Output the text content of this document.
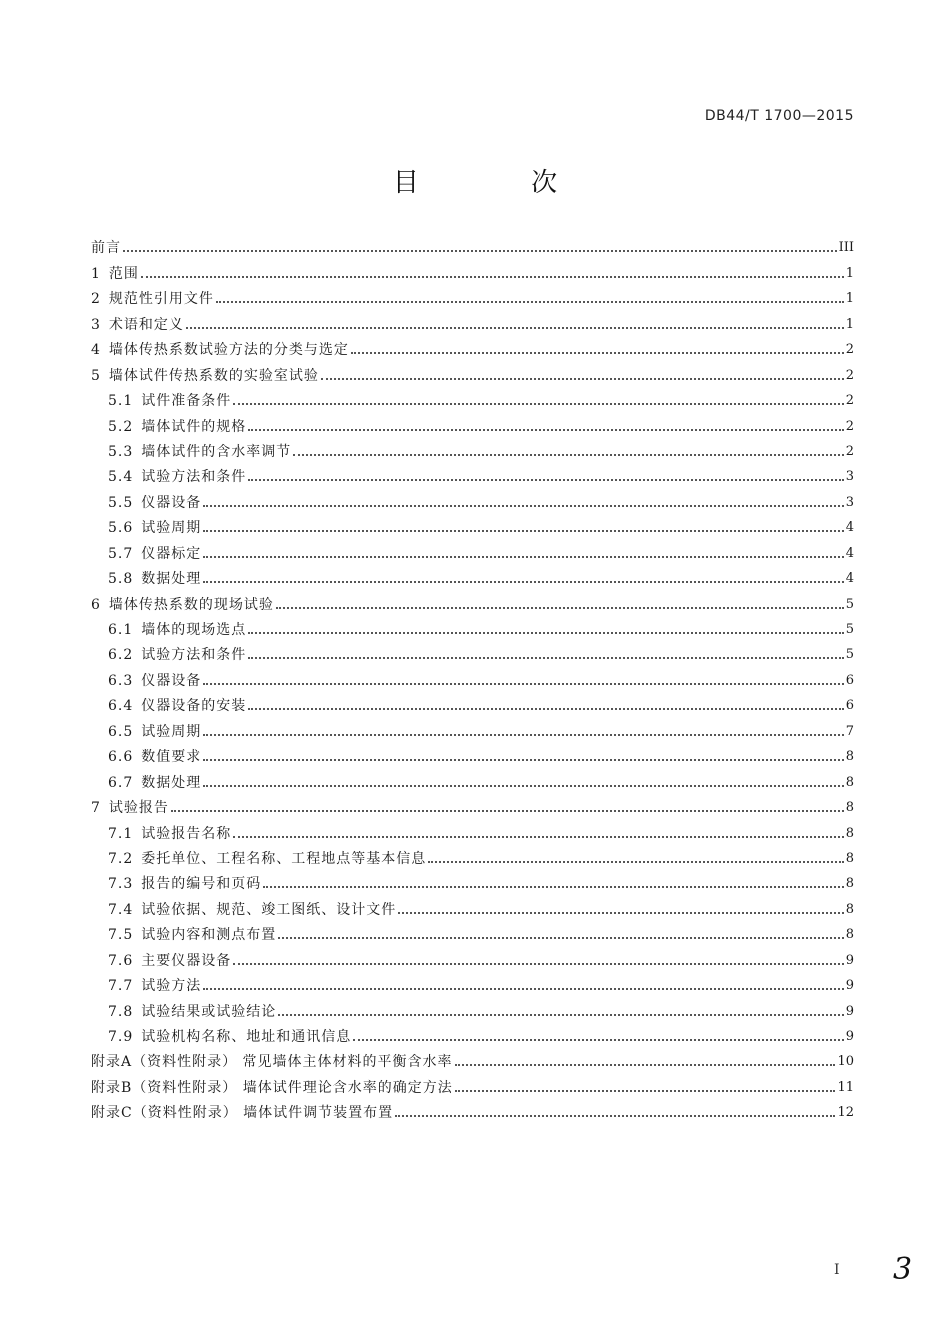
DB44/T 1700—2015
目 次
前言	III
1 范围	1
2 规范性引用文件	1
3 术语和定义	1
4 墙体传热系数试验方法的分类与选定	2
5 墙体试件传热系数的实验室试验	2
5.1 试件准备条件	2
5.2 墙体试件的规格	2
5.3 墙体试件的含水率调节	2
5.4 试验方法和条件	3
5.5 仪器设备	3
5.6 试验周期	4
5.7 仪器标定	4
5.8 数据处理	4
6 墙体传热系数的现场试验	5
6.1 墙体的现场选点	5
6.2 试验方法和条件	5
6.3 仪器设备	6
6.4 仪器设备的安装	6
6.5 试验周期	7
6.6 数值要求	8
6.7 数据处理	8
7 试验报告	8
7.1 试验报告名称	8
7.2 委托单位、工程名称、工程地点等基本信息	8
7.3 报告的编号和页码	8
7.4 试验依据、规范、竣工图纸、设计文件	8
7.5 试验内容和测点布置	8
7.6 主要仪器设备	9
7.7 试验方法	9
7.8 试验结果或试验结论	9
7.9 试验机构名称、地址和通讯信息	9
附录A（资料性附录） 常见墙体主体材料的平衡含水率	10
附录B（资料性附录） 墙体试件理论含水率的确定方法	11
附录C（资料性附录） 墙体试件调节装置布置	12
I 3
